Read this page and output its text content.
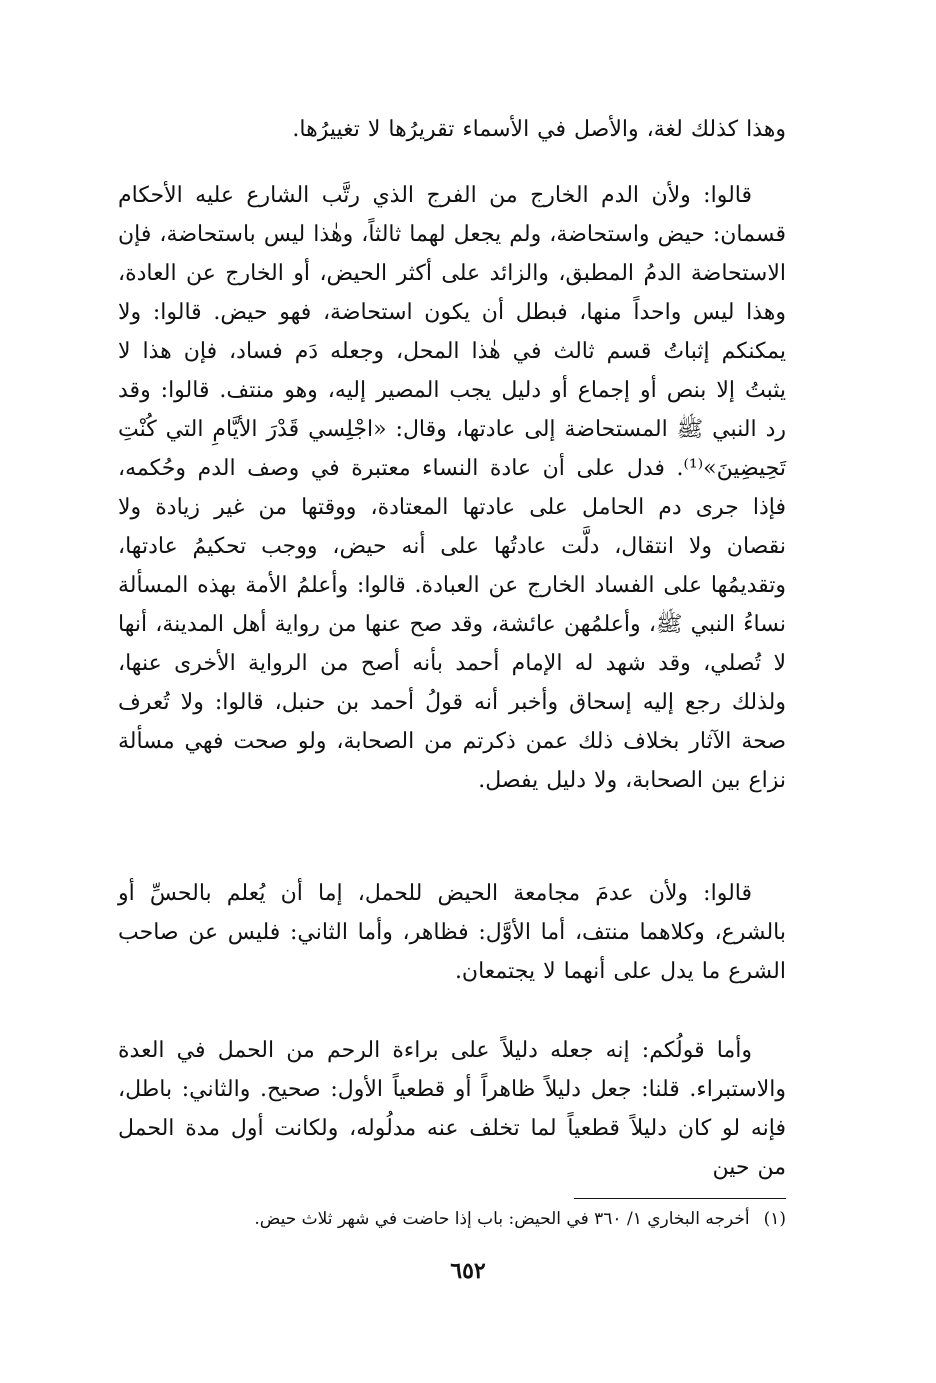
وهذا كذلك لغة، والأصل في الأسماء تقريرُها لا تغييرُها.

قالوا: ولأن الدم الخارج من الفرج الذي رتَّب الشارع عليه الأحكام قسمان: حيض واستحاضة، ولم يجعل لهما ثالثاً، وهٰذا ليس باستحاضة، فإن الاستحاضة الدمُ المطبق، والزائد على أكثر الحيض، أو الخارج عن العادة، وهذا ليس واحداً منها، فبطل أن يكون استحاضة، فهو حيض. قالوا: ولا يمكنكم إثباتُ قسم ثالث في هٰذا المحل، وجعله دَم فساد، فإن هذا لا يثبتُ إلا بنص أو إجماع أو دليل يجب المصير إليه، وهو منتف. قالوا: وقد رد النبي ﷺ المستحاضة إلى عادتها، وقال: «اجْلِسي قَدْرَ الأيَّامِ التي كُنْتِ تَحِيضِينَ»⁽¹⁾. فدل على أن عادة النساء معتبرة في وصف الدم وحُكمه، فإذا جرى دم الحامل على عادتها المعتادة، ووقتها من غير زيادة ولا نقصان ولا انتقال، دلَّت عادتُها على أنه حيض، ووجب تحكيمُ عادتها، وتقديمُها على الفساد الخارج عن العبادة. قالوا: وأعلمُ الأمة بهذه المسألة نساءُ النبي ﷺ، وأعلمُهن عائشة، وقد صح عنها من رواية أهل المدينة، أنها لا تُصلي، وقد شهد له الإمام أحمد بأنه أصح من الرواية الأخرى عنها، ولذلك رجع إليه إسحاق وأخبر أنه قولُ أحمد بن حنبل، قالوا: ولا تُعرف صحة الآثار بخلاف ذلك عمن ذكرتم من الصحابة، ولو صحت فهي مسألة نزاع بين الصحابة، ولا دليل يفصل.

قالوا: ولأن عدمَ مجامعة الحيض للحمل، إما أن يُعلم بالحسِّ أو بالشرع، وكلاهما منتف، أما الأوَّل: فظاهر، وأما الثاني: فليس عن صاحب الشرع ما يدل على أنهما لا يجتمعان.

وأما قولُكم: إنه جعله دليلاً على براءة الرحم من الحمل في العدة والاستبراء. قلنا: جعل دليلاً ظاهراً أو قطعياً الأول: صحيح. والثاني: باطل، فإنه لو كان دليلاً قطعياً لما تخلف عنه مدلُوله، ولكانت أول مدة الحمل من حين

(١)أخرجه البخاري ١/ ٣٦٠ في الحيض: باب إذا حاضت في شهر ثلاث حيض.
٦٥٢
